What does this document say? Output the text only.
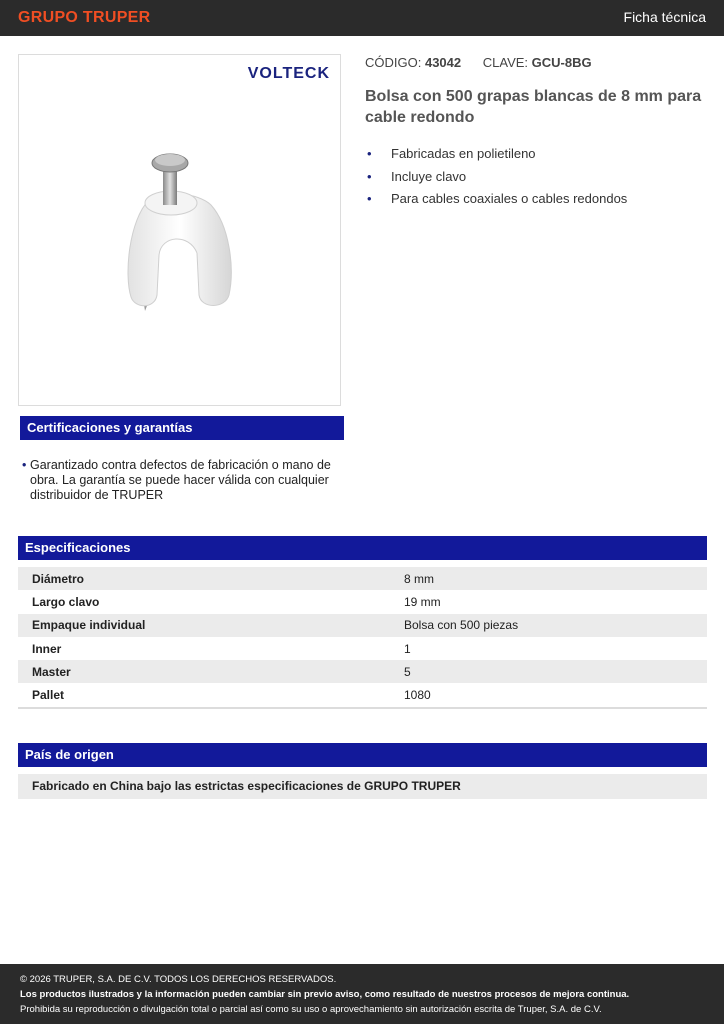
GRUPO TRUPER	Ficha técnica
VOLTECK
CÓDIGO: 43042 CLAVE: GCU-8BG
Bolsa con 500 grapas blancas de 8 mm para cable redondo
• Fabricadas en polietileno
• Incluye clavo
• Para cables coaxiales o cables redondos
Certificaciones y garantías
• Garantizado contra defectos de fabricación o mano de obra. La garantía se puede hacer válida con cualquier distribuidor de TRUPER
Especificaciones
Diámetro	8 mm
Largo clavo	19 mm
Empaque individual	Bolsa con 500 piezas
Inner	1
Master	5
Pallet	1080
País de origen
Fabricado en China bajo las estrictas especificaciones de GRUPO TRUPER
© 2026 TRUPER, S.A. DE C.V. TODOS LOS DERECHOS RESERVADOS.
Los productos ilustrados y la información pueden cambiar sin previo aviso, como resultado de nuestros procesos de mejora continua.
Prohibida su reproducción o divulgación total o parcial así como su uso o aprovechamiento sin autorización escrita de Truper, S.A. de C.V.
